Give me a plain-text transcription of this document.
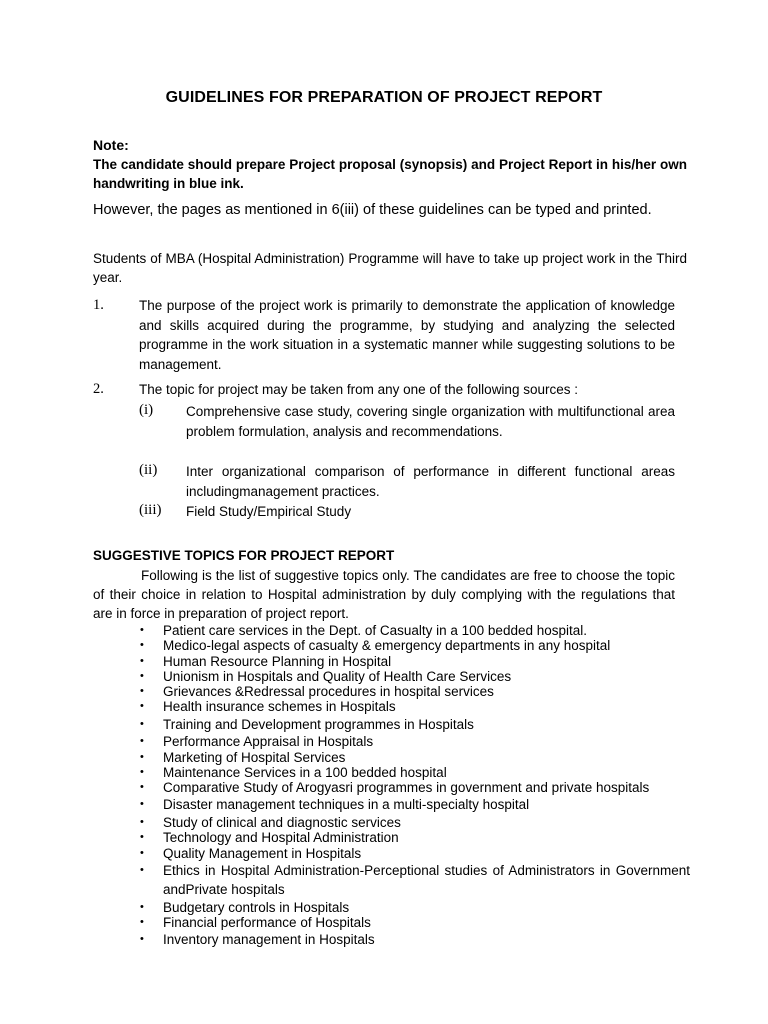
GUIDELINES FOR PREPARATION OF PROJECT REPORT
Note:
The candidate should prepare Project proposal (synopsis) and Project Report in his/her own handwriting in blue ink.
However, the pages as mentioned in 6(iii) of these guidelines can be typed and printed.
Students of MBA (Hospital Administration) Programme will have to take up project work in the Third year.
1.	The purpose of the project work is primarily to demonstrate the application of knowledge and skills acquired during the programme, by studying and analyzing the selected programme in the work situation in a systematic manner while suggesting solutions to be management.
2.	The topic for project may be taken from any one of the following sources :
(i) Comprehensive case study, covering single organization with multifunctional area problem formulation, analysis and recommendations.
(ii) Inter organizational comparison of performance in different functional areas includingmanagement practices.
(iii) Field Study/Empirical Study
SUGGESTIVE TOPICS FOR PROJECT REPORT
Following is the list of suggestive topics only. The candidates are free to choose the topic of their choice in relation to Hospital administration by duly complying with the regulations that are in force in preparation of project report.
• Patient care services in the Dept. of Casualty in a 100 bedded hospital.
• Medico-legal aspects of casualty & emergency departments in any hospital
• Human Resource Planning in Hospital
• Unionism in Hospitals and Quality of Health Care Services
• Grievances &Redressal procedures in hospital services
• Health insurance schemes in Hospitals
• Training and Development programmes in Hospitals
• Performance Appraisal in Hospitals
• Marketing of Hospital Services
• Maintenance Services in a 100 bedded hospital
• Comparative Study of Arogyasri programmes in government and private hospitals
• Disaster management techniques in a multi-specialty hospital
• Study of clinical and diagnostic services
• Technology and Hospital Administration
• Quality Management in Hospitals
• Ethics in Hospital Administration-Perceptional studies of Administrators in Government andPrivate hospitals
• Budgetary controls in Hospitals
• Financial performance of Hospitals
• Inventory management in Hospitals
